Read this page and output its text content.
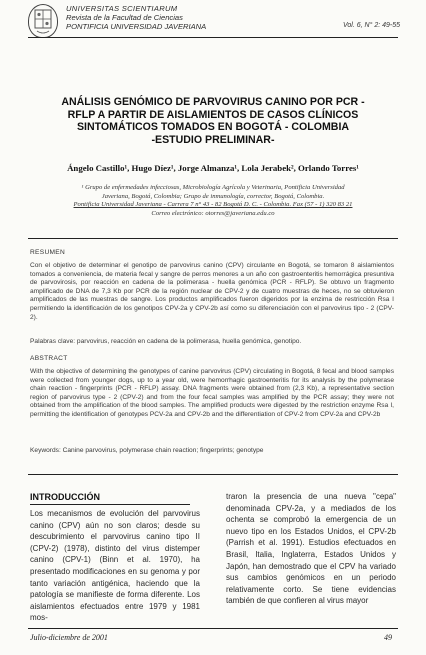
UNIVERSITAS SCIENTIARUM
Revista de la Facultad de Ciencias
PONTIFICIA UNIVERSIDAD JAVERIANA	Vol. 6, N° 2: 49-55
ANÁLISIS GENÓMICO DE PARVOVIRUS CANINO POR PCR -
RFLP A PARTIR DE AISLAMIENTOS DE CASOS CLÍNICOS
SINTOMÁTICOS TOMADOS EN BOGOTÁ - COLOMBIA
-ESTUDIO PRELIMINAR-
Ángelo Castillo¹, Hugo Díez¹, Jorge Almanza¹, Lola Jerabek², Orlando Torres¹
¹ Grupo de enfermedades infecciosas, Microbiología Agrícola y Veterinaria, Pontificia Universidad
Javeriana, Bogotá, Colombia; Grupo de inmunología, corrector, Bogotá, Colombia.
Pontificia Universidad Javeriana - Carrera 7 n° 43 - 82 Bogotá D. C. - Colombia. Fax (57 - 1) 320 83 21
Correo electrónico: otorres@javeriana.edu.co
RESUMEN

Con el objetivo de determinar el genotipo de parvovirus canino (CPV) circulante en Bogotá, se tomaron 8 aislamientos tomados a conveniencia, de materia fecal y sangre de perros menores a un año con gastroenteritis hemorrágica presuntiva de parvovirosis, por reacción en cadena de la polimerasa - huella genómica (PCR - RFLP). Se obtuvo un fragmento amplificado de DNA de 7,3 Kb por PCR de la región nuclear de CPV-2 y de cuatro muestras de heces, no se obtuvieron amplificados de las muestras de sangre. Los productos amplificados fueron digeridos por la enzima de restricción Rsa I permitiendo la identificación de los genotipos CPV-2a y CPV-2b así como su diferenciación con el parvovirus tipo - 2 (CPV-2).

Palabras clave: parvovirus, reacción en cadena de la polimerasa, huella genómica, genotipo.

ABSTRACT

With the objective of determining the genotypes of canine parvovirus (CPV) circulating in Bogotá, 8 fecal and blood samples were collected from younger dogs, up to a year old, were hemorrhagic gastroenteritis for its analysis by the polymerase chain reaction - fingerprints (PCR - RFLP) assay. DNA fragments were obtained from (2,3 Kb), a representative section region of parvovirus type - 2 (CPV-2) and from the four fecal samples was amplified by the PCR assay; they were not obtained from the amplification of the blood samples. The amplified products were digested by the restriction enzyme Rsa I, permitting the identification of genotypes PCV-2a and CPV-2b and the differentiation of CPV-2 from CPV-2a and CPV-2b

Keywords: Canine parvovirus, polymerase chain reaction; fingerprints; genotype

INTRODUCCIÓN

Los mecanismos de evolución del parvovirus canino (CPV) aún no son claros; desde su descubrimiento el parvovirus canino tipo II (CPV-2) (1978), distinto del virus distemper canino (CPV-1) (Binn et al. 1970), ha presentado modificaciones en su genoma y por tanto variación antigénica, haciendo que la patología se manifieste de forma diferente. Los aislamientos efectuados entre 1979 y 1981 mos-

traron la presencia de una nueva "cepa" denominada CPV-2a, y a mediados de los ochenta se comprobó la emergencia de un nuevo tipo en los Estados Unidos, el CPV-2b (Parrish et al. 1991). Estudios efectuados en Brasil, Italia, Inglaterra, Estados Unidos y Japón, han demostrado que el CPV ha variado sus cambios genómicos en un periodo relativamente corto. Se tiene evidencias también de que confieren al virus mayor

Julio-diciembre de 2001	49
